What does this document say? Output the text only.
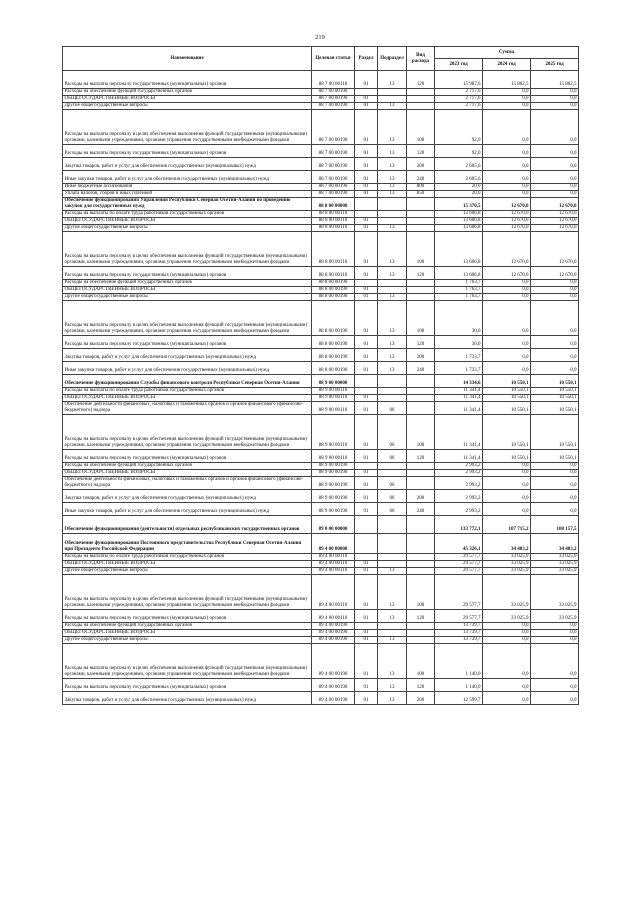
219
Наименование	Целевая статья	Раздел	Подраздел	Вид расхода	Сумма		
					2023 год	2024 год	2025 год
Расходы на выплаты персоналу государственных (муниципальных) органов	88 7 00 00110	01	13	120	15 987,6	15 802,5	15 802,5
Расходы на обеспечение функций государственных органов	88 7 00 00190				2 717,6	0,0	0,0
ОБЩЕГОСУДАРСТВЕННЫЕ ВОПРОСЫ	88 7 00 00190	01			2 717,6	0,0	0,0
Другие общегосударственные вопросы	88 7 00 00190	01	13		2 717,6	0,0	0,0
Расходы на выплаты персоналу в целях обеспечения выполнения функций государственными (муниципальными) органами, казенными учреждениями, органами управления государственными внебюджетными фондами	88 7 00 00190	01	13	100	92,0	0,0	0,0
Расходы на выплаты персоналу государственных (муниципальных) органов	88 7 00 00190	01	13	120	92,0	0,0	0,0
Закупка товаров, работ и услуг для обеспечения государственных (муниципальных) нужд	88 7 00 00190	01	13	200	2 605,6	0,0	0,0
Иные закупки товаров, работ и услуг для обеспечения государственных (муниципальных) нужд	88 7 00 00190	01	13	240	2 605,6	0,0	0,0
Иные бюджетные ассигнования	88 7 00 00190	01	13	800	20,0	0,0	0,0
Уплата налогов, сборов и иных платежей	88 7 00 00190	01	13	850	20,0	0,0	0,0
Обеспечение функционирования Управления Республики Северная Осетия-Алания по проведению закупок для государственных нужд	88 8 00 00000				15 370,5	12 670,0	12 670,0
Расходы на выплаты по оплате труда работников государственных органов	88 8 00 00110				13 606,8	12 670,0	12 670,0
ОБЩЕГОСУДАРСТВЕННЫЕ ВОПРОСЫ	88 8 00 00110	01			13 606,8	12 670,0	12 670,0
Другие общегосударственные вопросы	88 8 00 00110	01	13		13 606,8	12 670,0	12 670,0
Расходы на выплаты персоналу в целях обеспечения выполнения функций государственными (муниципальными) органами, казенными учреждениями, органами управления государственными внебюджетными фондами	88 8 00 00110	01	13	100	13 606,8	12 670,0	12 670,0
Расходы на выплаты персоналу государственных (муниципальных) органов	88 8 00 00110	01	13	120	13 606,8	12 670,0	12 670,0
Расходы на обеспечение функций государственных органов	88 8 00 00190				1 763,7	0,0	0,0
ОБЩЕГОСУДАРСТВЕННЫЕ ВОПРОСЫ	88 8 00 00190	01			1 763,7	0,0	0,0
Другие общегосударственные вопросы	88 8 00 00190	01	13		1 763,7	0,0	0,0
Расходы на выплаты персоналу в целях обеспечения выполнения функций государственными (муниципальными) органами, казенными учреждениями, органами управления государственными внебюджетными фондами	88 8 00 00190	01	13	100	30,0	0,0	0,0
Расходы на выплаты персоналу государственных (муниципальных) органов	88 8 00 00190	01	13	120	30,0	0,0	0,0
Закупка товаров, работ и услуг для обеспечения государственных (муниципальных) нужд	88 8 00 00190	01	13	200	1 733,7	0,0	0,0
Иные закупки товаров, работ и услуг для обеспечения государственных (муниципальных) нужд	88 8 00 00190	01	13	240	1 733,7	0,0	0,0
Обеспечение функционирования Службы финансового контроля Республики Северная Осетия-Алания	88 9 00 00000				14 334,6	10 550,1	10 550,1
Расходы на выплаты по оплате труда работников государственных органов	88 9 00 00110				11 341,4	10 550,1	10 550,1
ОБЩЕГОСУДАРСТВЕННЫЕ ВОПРОСЫ	88 9 00 00110	01			11 341,4	10 550,1	10 550,1
Обеспечение деятельности финансовых, налоговых и таможенных органов и органов финансового (финансово-бюджетного) надзора	88 9 00 00110	01	06		11 341,4	10 550,1	10 550,1
Расходы на выплаты персоналу в целях обеспечения выполнения функций государственными (муниципальными) органами, казенными учреждениями, органами управления государственными внебюджетными фондами	88 9 00 00110	01	06	100	11 341,4	10 550,1	10 550,1
Расходы на выплаты персоналу государственных (муниципальных) органов	88 9 00 00110	01	06	120	11 341,4	10 550,1	10 550,1
Расходы на обеспечение функций государственных органов	88 9 00 00190				2 993,2	0,0	0,0
ОБЩЕГОСУДАРСТВЕННЫЕ ВОПРОСЫ	88 9 00 00190	01			2 993,2	0,0	0,0
Обеспечение деятельности финансовых, налоговых и таможенных органов и органов финансового (финансово-бюджетного) надзора	88 9 00 00190	01	06		2 993,2	0,0	0,0
Закупка товаров, работ и услуг для обеспечения государственных (муниципальных) нужд	88 9 00 00190	01	06	200	2 993,2	0,0	0,0
Иные закупки товаров, работ и услуг для обеспечения государственных (муниципальных) нужд	88 9 00 00190	01	06	240	2 993,2	0,0	0,0
Обеспечение функционирования (деятельности) отдельных республиканских государственных органов	89 0 00 00000				133 772,1	107 715,2	108 157,5
Обеспечение функционирования Постоянного представительства Республики Северная Осетия-Алания при Президенте Российской Федерации	89 4 00 00000				45 326,1	34 483,2	34 483,2
Расходы на выплаты по оплате труда работников государственных органов	89 4 00 00110				29 577,7	33 025,9	33 025,9
ОБЩЕГОСУДАРСТВЕННЫЕ ВОПРОСЫ	89 4 00 00110	01			29 577,7	33 025,9	33 025,9
Другие общегосударственные вопросы	89 4 00 00110	01	13		29 577,7	33 025,9	33 025,9
Расходы на выплаты персоналу в целях обеспечения выполнения функций государственными (муниципальными) органами, казенными учреждениями, органами управления государственными внебюджетными фондами	89 4 00 00110	01	13	100	29 577,7	33 025,9	33 025,9
Расходы на выплаты персоналу государственных (муниципальных) органов	89 4 00 00110	01	13	120	29 577,7	33 025,9	33 025,9
Расходы на обеспечение функций государственных органов	89 4 00 00190				13 739,7	0,0	0,0
ОБЩЕГОСУДАРСТВЕННЫЕ ВОПРОСЫ	89 4 00 00190	01			13 739,7	0,0	0,0
Другие общегосударственные вопросы	89 4 00 00190	01	13		13 739,7	0,0	0,0
Расходы на выплаты персоналу в целях обеспечения выполнения функций государственными (муниципальными) органами, казенными учреждениями, органами управления государственными внебюджетными фондами	89 4 00 00190	01	13	100	1 140,0	0,0	0,0
Расходы на выплаты персоналу государственных (муниципальных) органов	89 4 00 00190	01	13	120	1 140,0	0,0	0,0
Закупка товаров, работ и услуг для обеспечения государственных (муниципальных) нужд	89 4 00 00190	01	13	200	12 599,7	0,0	0,0
